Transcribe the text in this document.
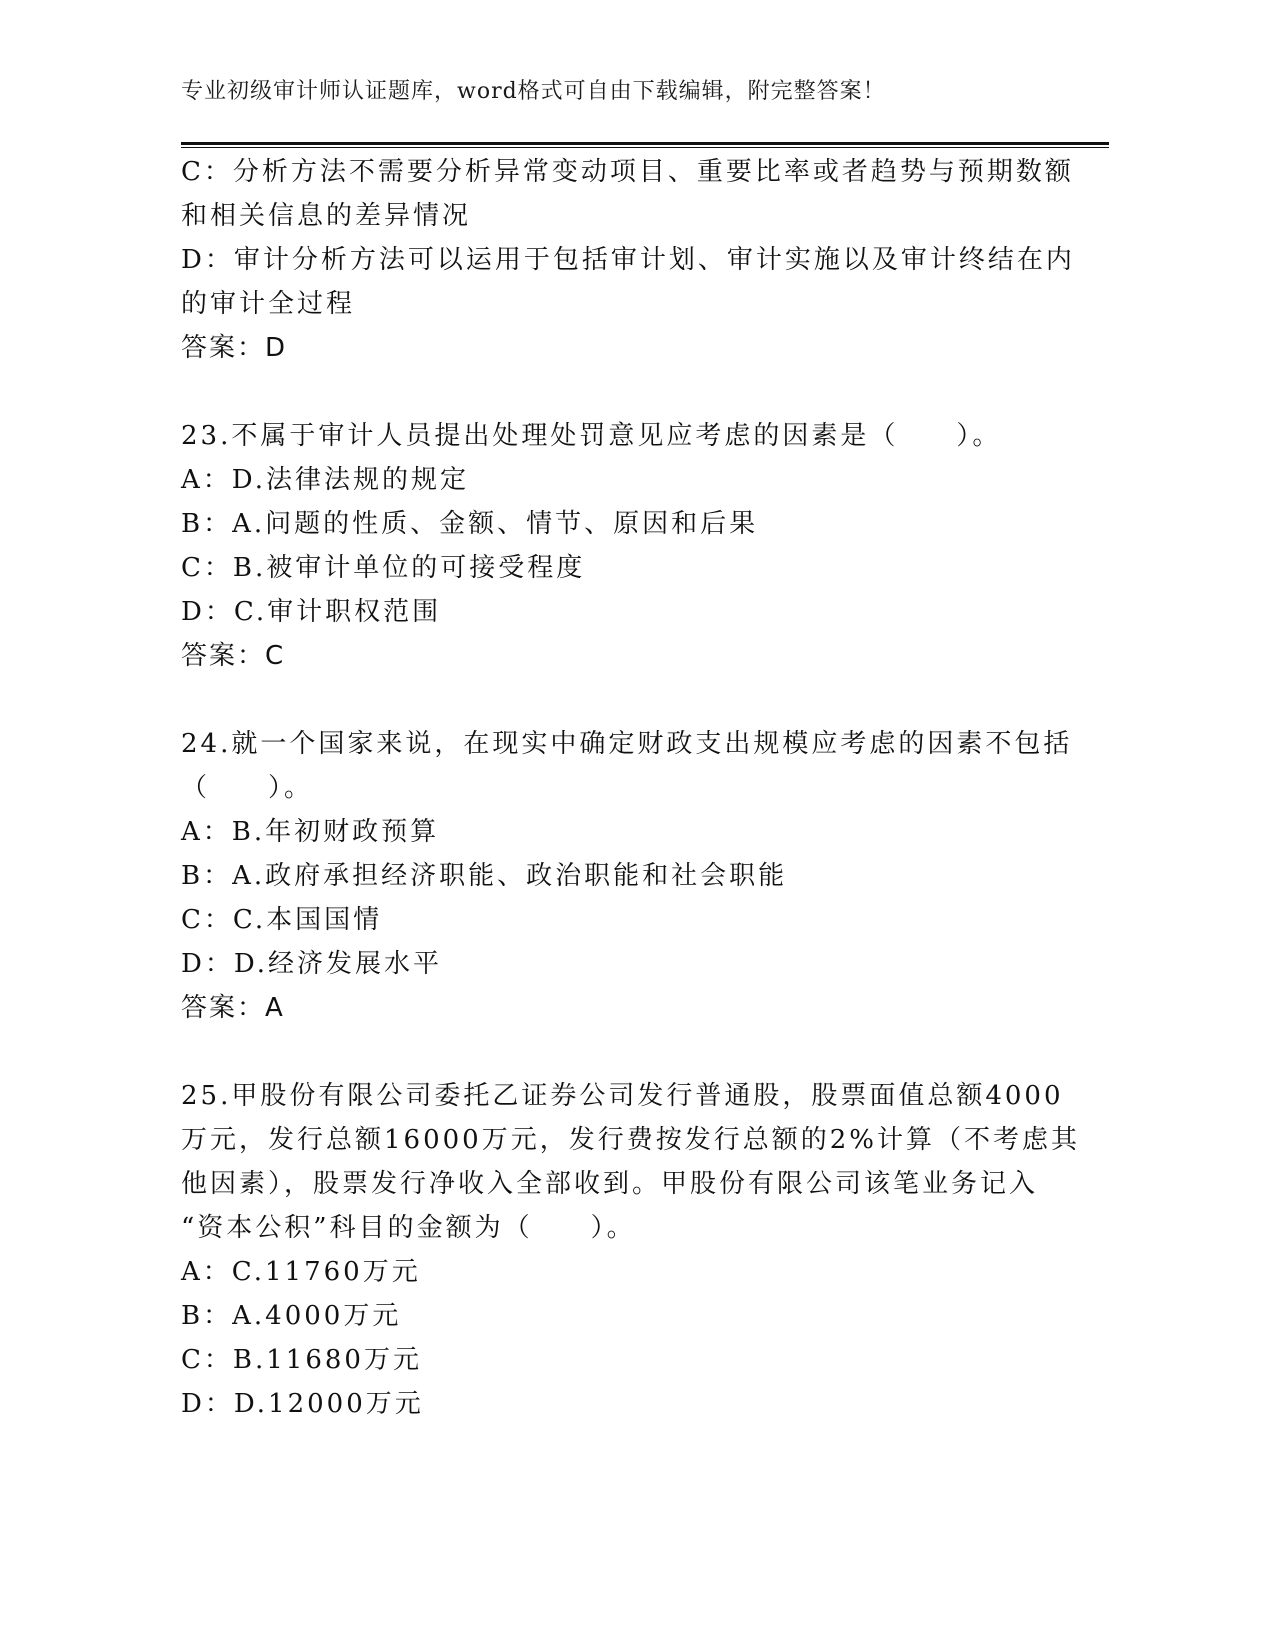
专业初级审计师认证题库，word格式可自由下载编辑，附完整答案！
C：分析方法不需要分析异常变动项目、重要比率或者趋势与预期数额
和相关信息的差异情况
D：审计分析方法可以运用于包括审计划、审计实施以及审计终结在内
的审计全过程
答案：D
23.不属于审计人员提出处理处罚意见应考虑的因素是（　　）。
A：D.法律法规的规定
B：A.问题的性质、金额、情节、原因和后果
C：B.被审计单位的可接受程度
D：C.审计职权范围
答案：C
24.就一个国家来说，在现实中确定财政支出规模应考虑的因素不包括
（　　）。
A：B.年初财政预算
B：A.政府承担经济职能、政治职能和社会职能
C：C.本国国情
D：D.经济发展水平
答案：A
25.甲股份有限公司委托乙证券公司发行普通股，股票面值总额4000
万元，发行总额16000万元，发行费按发行总额的2%计算（不考虑其
他因素），股票发行净收入全部收到。甲股份有限公司该笔业务记入
“资本公积”科目的金额为（　　）。
A：C.11760万元
B：A.4000万元
C：B.11680万元
D：D.12000万元
